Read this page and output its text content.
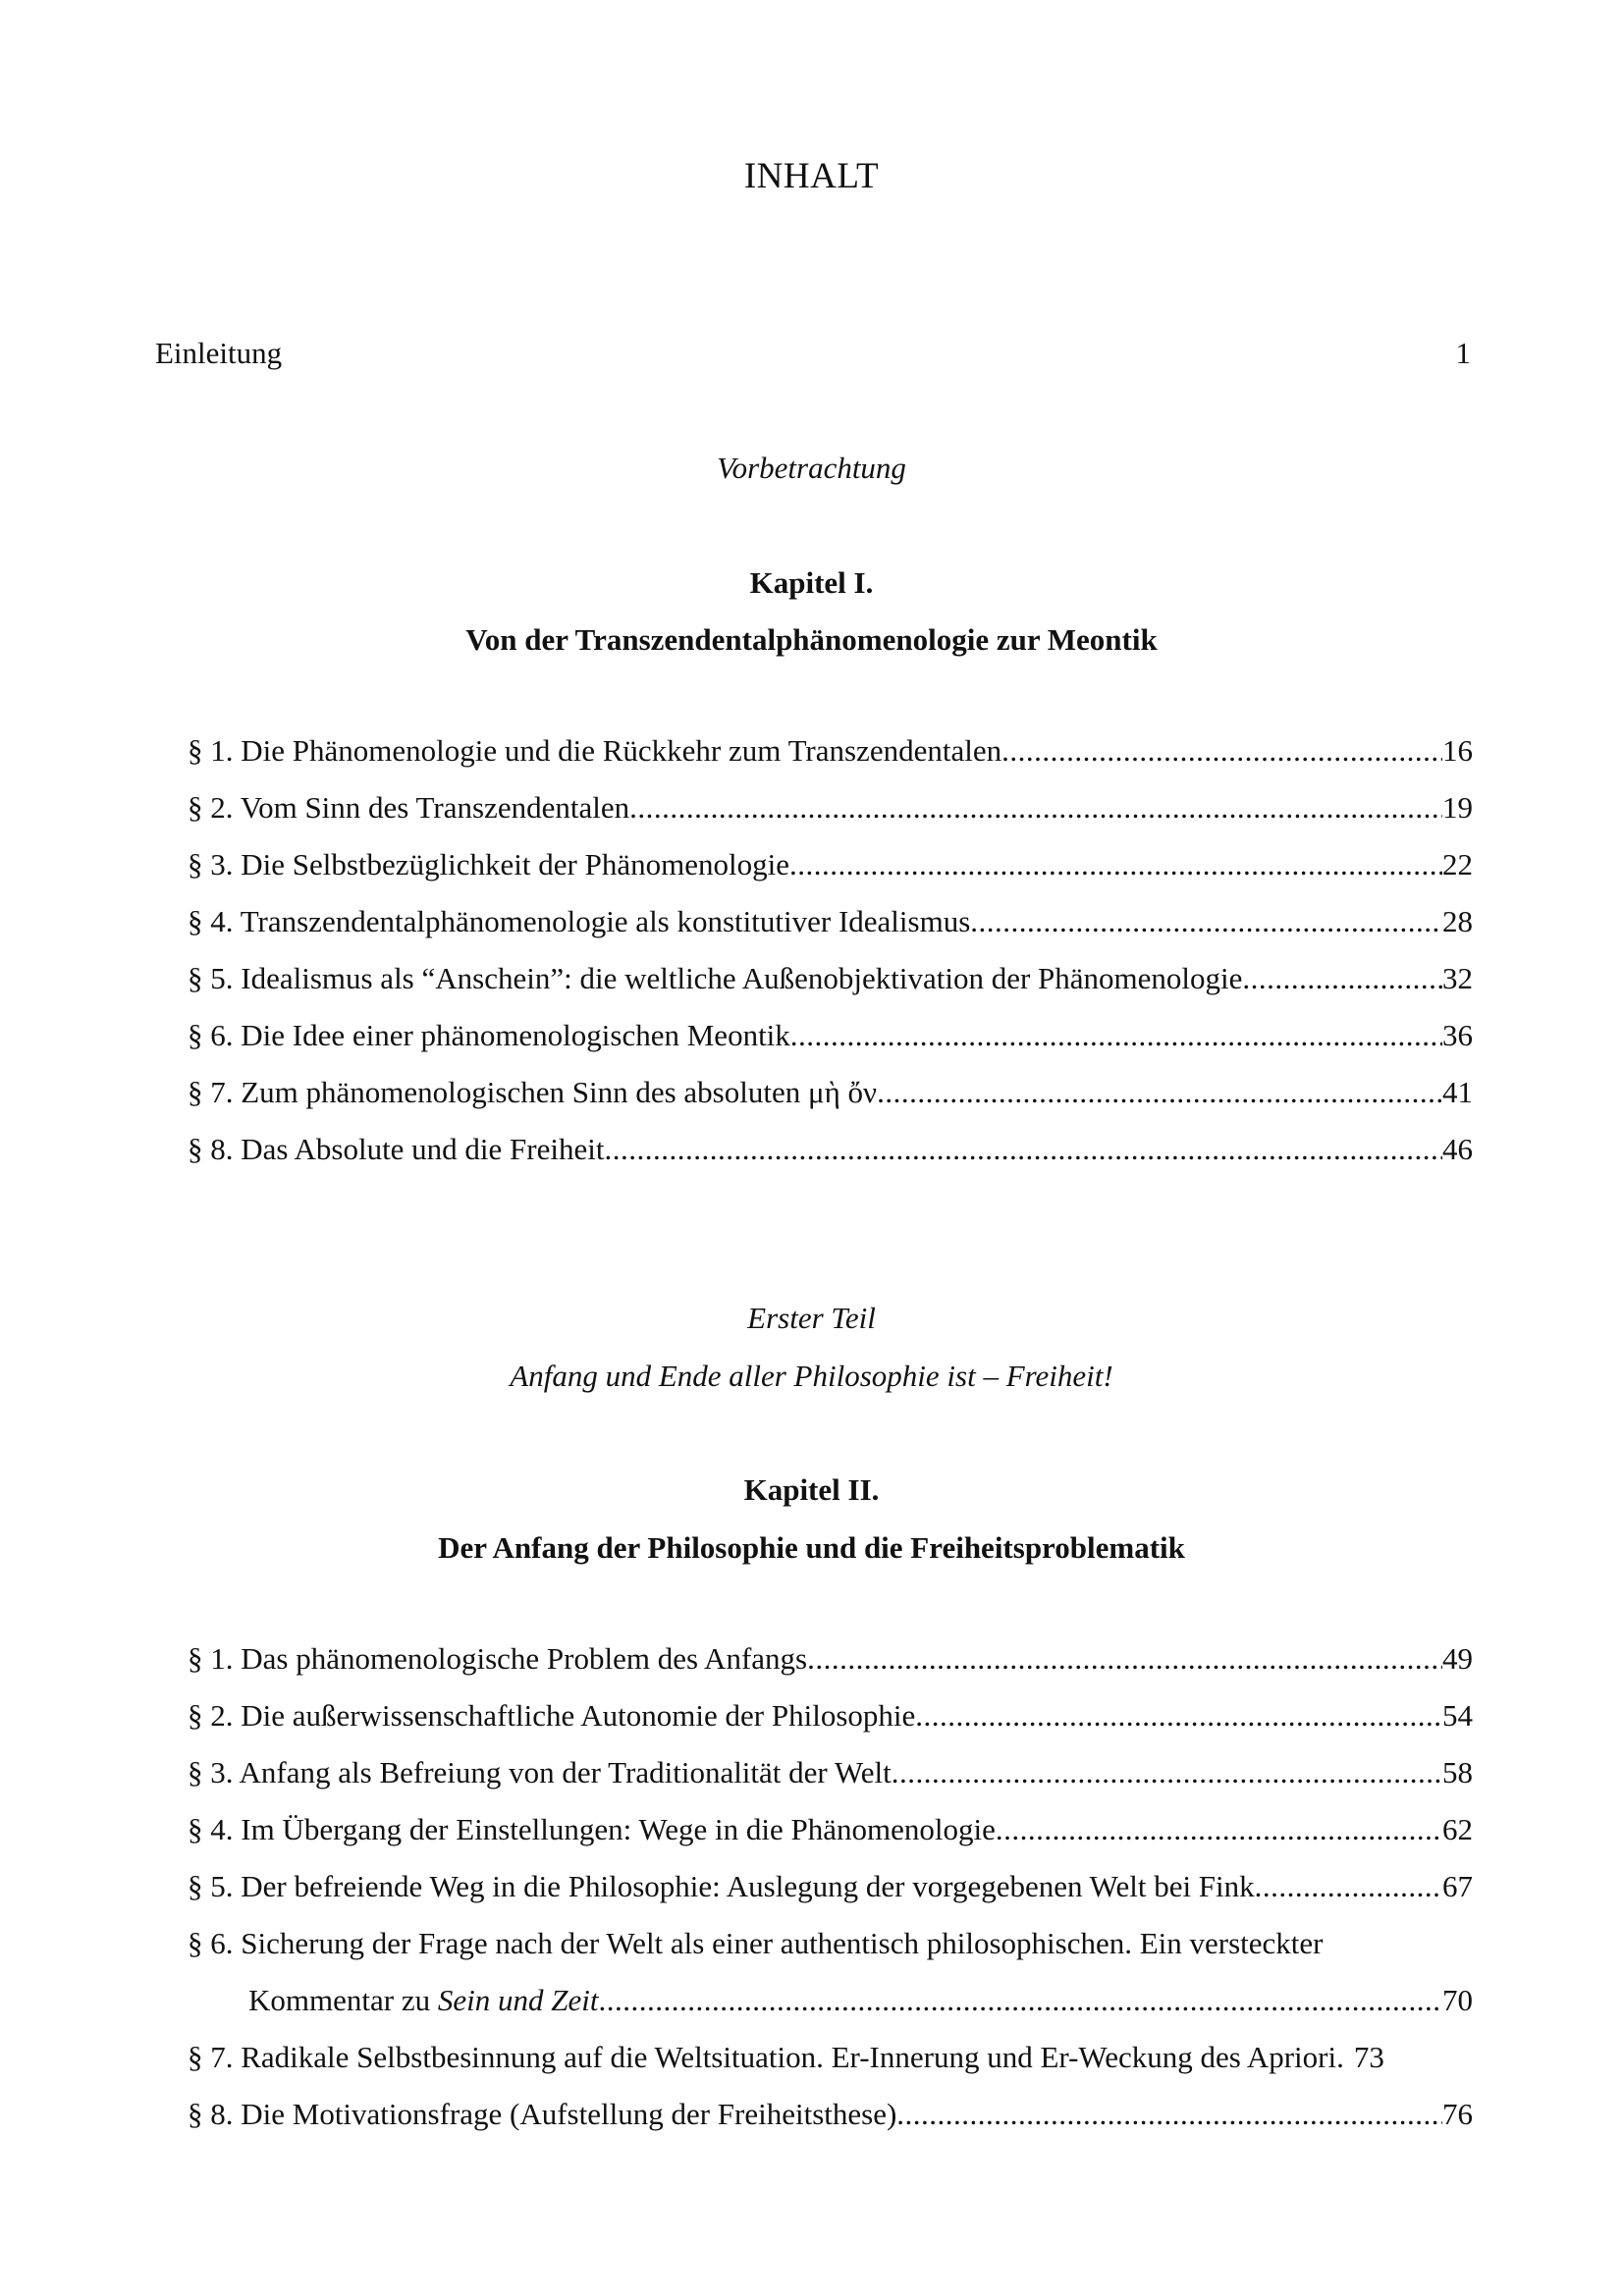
INHALT
Einleitung	1
Vorbetrachtung
Kapitel I.
Von der Transzendentalphänomenologie zur Meontik
§ 1. Die Phänomenologie und die Rückkehr zum Transzendentalen .....	16
§ 2. Vom Sinn des Transzendentalen .....	19
§ 3. Die Selbstbezüglichkeit der Phänomenologie .....	22
§ 4. Transzendentalphänomenologie als konstitutiver Idealismus .....	28
§ 5. Idealismus als “Anschein”: die weltliche Außenobjektivation der Phänomenologie .....	32
§ 6. Die Idee einer phänomenologischen Meontik .....	36
§ 7. Zum phänomenologischen Sinn des absoluten μὴ ὄν .....	41
§ 8. Das Absolute und die Freiheit .....	46
Erster Teil
Anfang und Ende aller Philosophie ist – Freiheit!
Kapitel II.
Der Anfang der Philosophie und die Freiheitsproblematik
§ 1. Das phänomenologische Problem des Anfangs .....	49
§ 2. Die außerwissenschaftliche Autonomie der Philosophie .....	54
§ 3. Anfang als Befreiung von der Traditionalität der Welt .....	58
§ 4. Im Übergang der Einstellungen: Wege in die Phänomenologie .....	62
§ 5. Der befreiende Weg in die Philosophie: Auslegung der vorgegebenen Welt bei Fink .....	67
§ 6. Sicherung der Frage nach der Welt als einer authentisch philosophischen. Ein versteckter
Kommentar zu Sein und Zeit .....	70
§ 7. Radikale Selbstbesinnung auf die Weltsituation. Er-Innerung und Er-Weckung des Apriori. 73
§ 8. Die Motivationsfrage (Aufstellung der Freiheitsthese) .....	76
